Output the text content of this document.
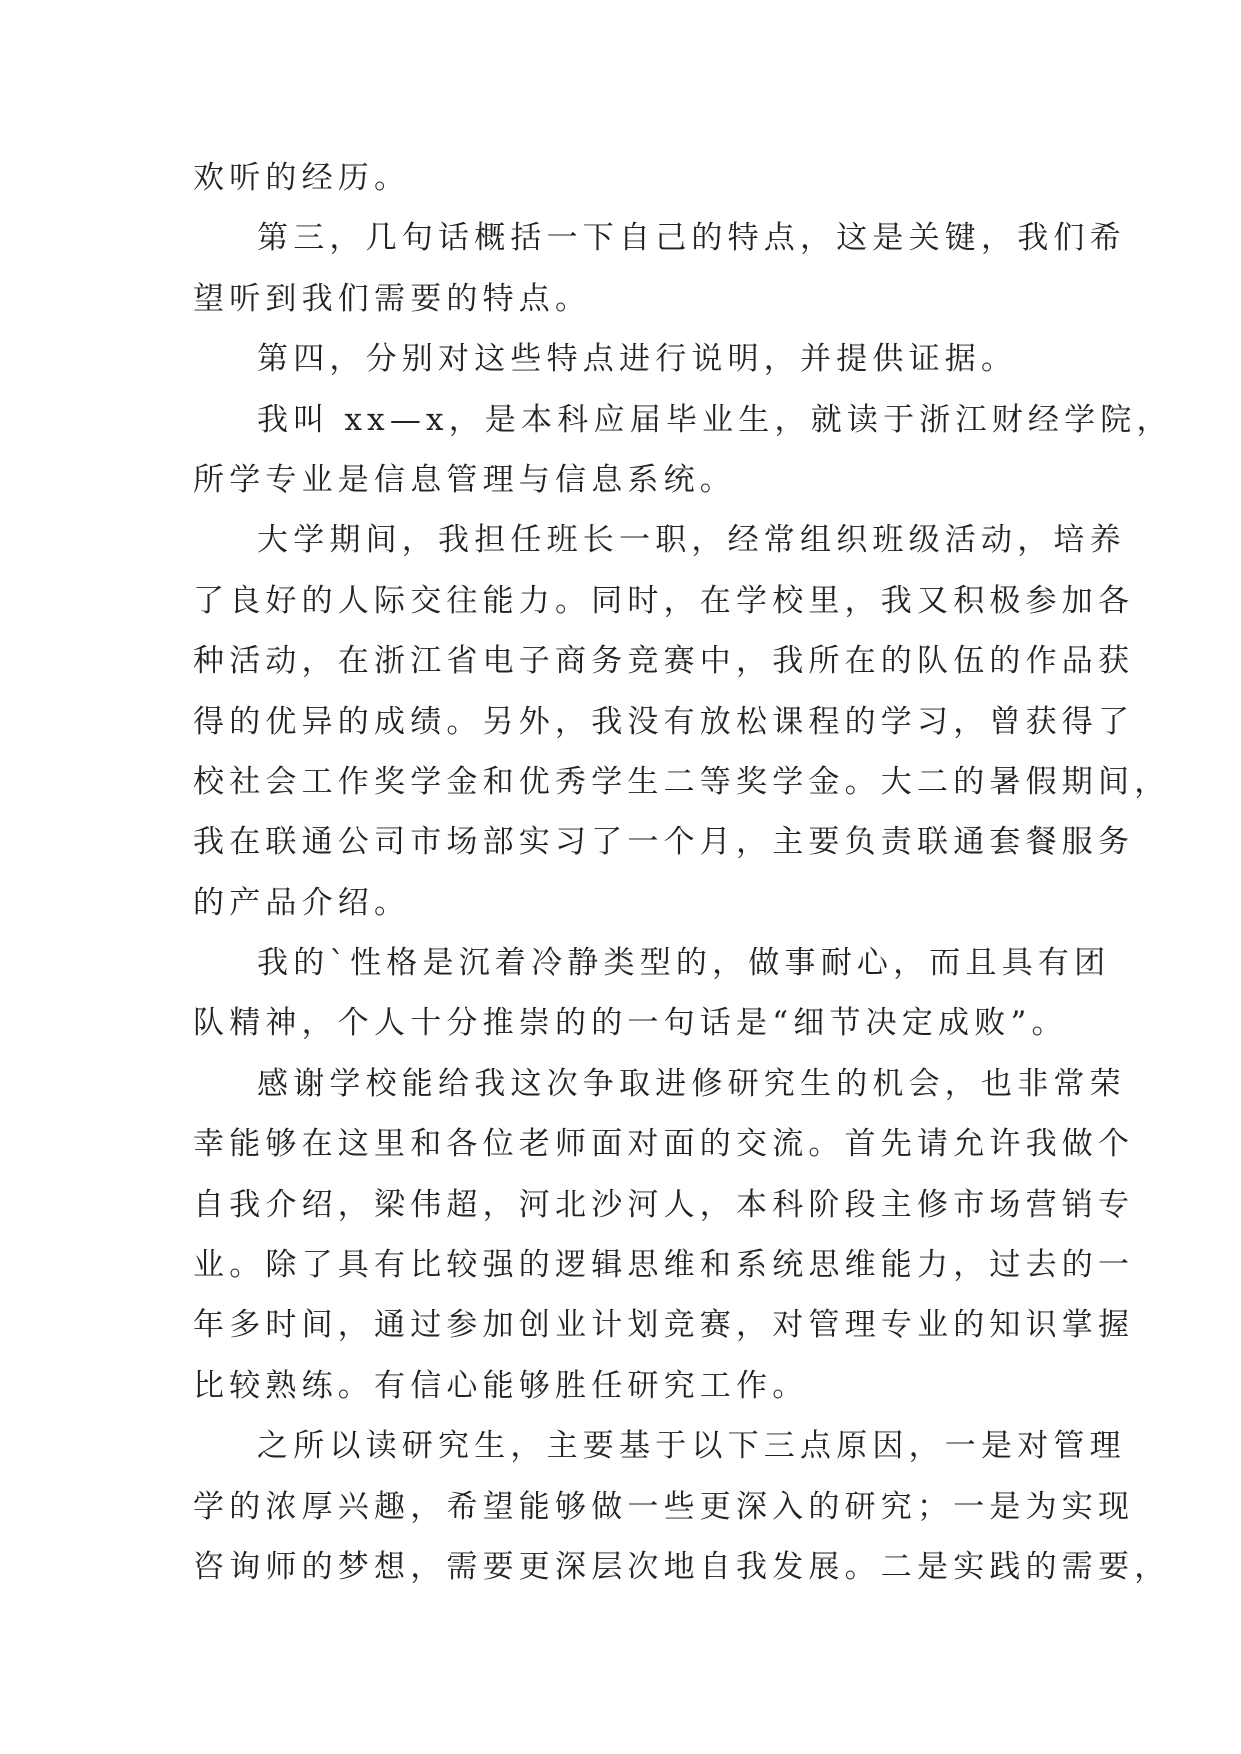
欢听的经历。
第三，几句话概括一下自己的特点，这是关键，我们希
望听到我们需要的特点。
第四，分别对这些特点进行说明，并提供证据。
我叫 xx—x，是本科应届毕业生，就读于浙江财经学院，
所学专业是信息管理与信息系统。
大学期间，我担任班长一职，经常组织班级活动，培养
了良好的人际交往能力。同时，在学校里，我又积极参加各
种活动，在浙江省电子商务竞赛中，我所在的队伍的作品获
得的优异的成绩。另外，我没有放松课程的学习，曾获得了
校社会工作奖学金和优秀学生二等奖学金。大二的暑假期间，
我在联通公司市场部实习了一个月，主要负责联通套餐服务
的产品介绍。
我的`性格是沉着冷静类型的，做事耐心，而且具有团
队精神，个人十分推崇的的一句话是“细节决定成败”。
感谢学校能给我这次争取进修研究生的机会，也非常荣
幸能够在这里和各位老师面对面的交流。首先请允许我做个
自我介绍，梁伟超，河北沙河人，本科阶段主修市场营销专
业。除了具有比较强的逻辑思维和系统思维能力，过去的一
年多时间，通过参加创业计划竞赛，对管理专业的知识掌握
比较熟练。有信心能够胜任研究工作。
之所以读研究生，主要基于以下三点原因，一是对管理
学的浓厚兴趣，希望能够做一些更深入的研究；一是为实现
咨询师的梦想，需要更深层次地自我发展。二是实践的需要，
